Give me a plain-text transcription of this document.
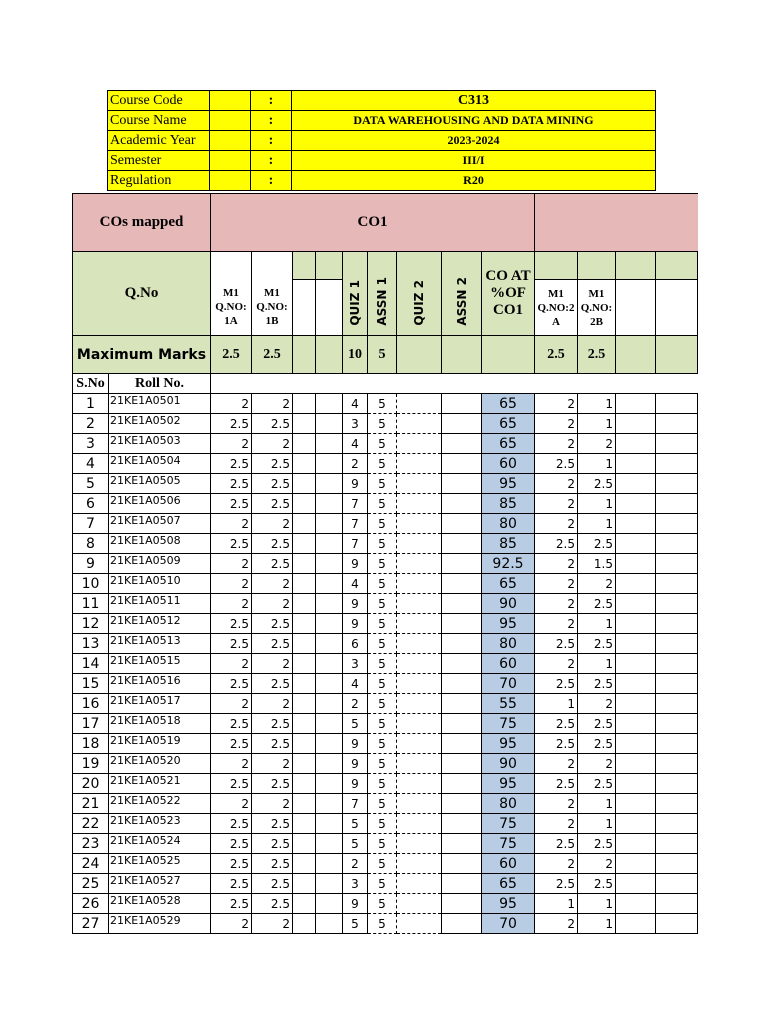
Course Code		:	C313
Course Name		:	DATA WAREHOUSING AND DATA MINING
Academic Year		:	2023-2024
Semester		:	III/I
Regulation		:	R20
COs mapped		CO1												

Q.No						QUIZ 1	ASSN 1	QUIZ 2	ASSN 2	CO AT %OF CO1				
		M1 Q.NO: 1A	M1 Q.NO: 1B								M1 Q.NO:2 A	M1 Q.NO: 2B		
Maximum Marks		2.5	2.5			10	5				2.5	2.5		
S.No	Roll No.													
1	21KE1A0501	2	2			4	5			65	2	1		
2	21KE1A0502	2.5	2.5			3	5			65	2	1		
3	21KE1A0503	2	2			4	5			65	2	2		
4	21KE1A0504	2.5	2.5			2	5			60	2.5	1		
5	21KE1A0505	2.5	2.5			9	5			95	2	2.5		
6	21KE1A0506	2.5	2.5			7	5			85	2	1		
7	21KE1A0507	2	2			7	5			80	2	1		
8	21KE1A0508	2.5	2.5			7	5			85	2.5	2.5		
9	21KE1A0509	2	2.5			9	5			92.5	2	1.5		
10	21KE1A0510	2	2			4	5			65	2	2		
11	21KE1A0511	2	2			9	5			90	2	2.5		
12	21KE1A0512	2.5	2.5			9	5			95	2	1		
13	21KE1A0513	2.5	2.5			6	5			80	2.5	2.5		
14	21KE1A0515	2	2			3	5			60	2	1		
15	21KE1A0516	2.5	2.5			4	5			70	2.5	2.5		
16	21KE1A0517	2	2			2	5			55	1	2		
17	21KE1A0518	2.5	2.5			5	5			75	2.5	2.5		
18	21KE1A0519	2.5	2.5			9	5			95	2.5	2.5		
19	21KE1A0520	2	2			9	5			90	2	2		
20	21KE1A0521	2.5	2.5			9	5			95	2.5	2.5		
21	21KE1A0522	2	2			7	5			80	2	1		
22	21KE1A0523	2.5	2.5			5	5			75	2	1		
23	21KE1A0524	2.5	2.5			5	5			75	2.5	2.5		
24	21KE1A0525	2.5	2.5			2	5			60	2	2		
25	21KE1A0527	2.5	2.5			3	5			65	2.5	2.5		
26	21KE1A0528	2.5	2.5			9	5			95	1	1		
27	21KE1A0529	2	2			5	5			70	2	1		
